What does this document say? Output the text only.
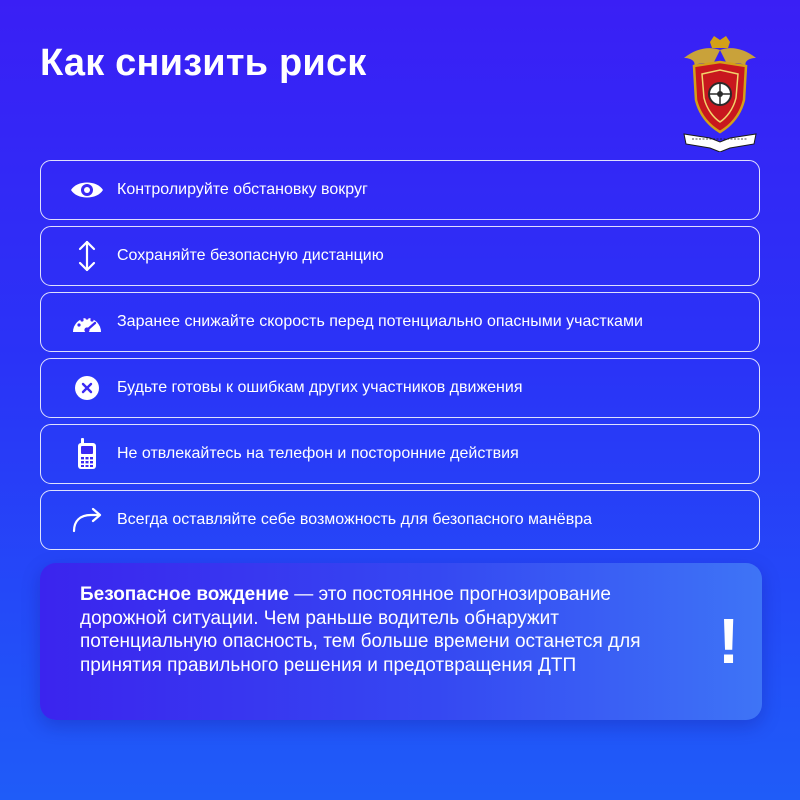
Как снизить риск
Контролируйте обстановку вокруг
Сохраняйте безопасную дистанцию
Заранее снижайте скорость перед потенциально опасными участками
Будьте готовы к ошибкам других участников движения
Не отвлекайтесь на телефон и посторонние действия
Всегда оставляйте себе возможность для безопасного манёвра
Безопасное вождение — это постоянное прогнозирование дорожной ситуации. Чем раньше водитель обнаружит потенциальную опасность, тем больше времени останется для принятия правильного решения и предотвращения ДТП	!
